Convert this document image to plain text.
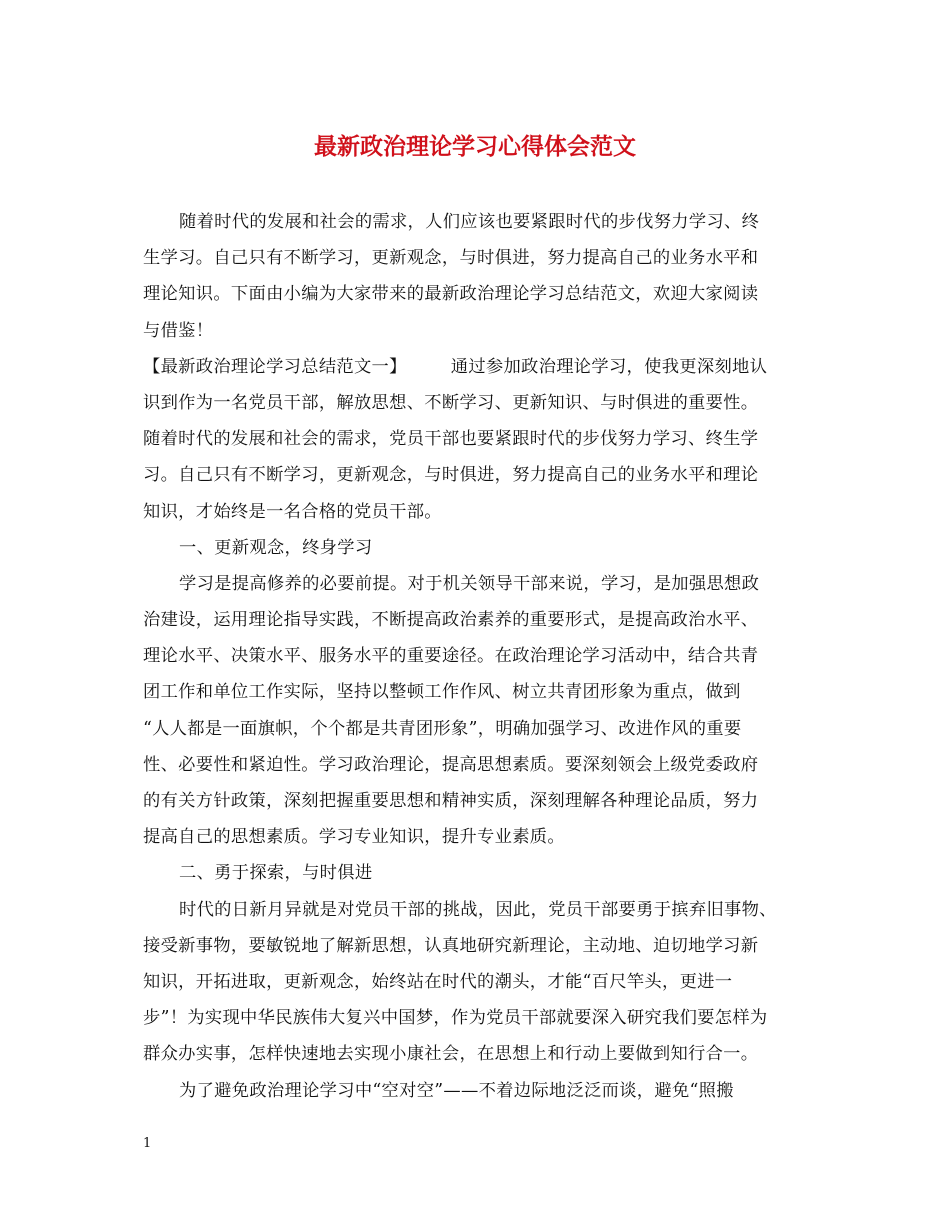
最新政治理论学习心得体会范文
随着时代的发展和社会的需求，人们应该也要紧跟时代的步伐努力学习、终
生学习。自己只有不断学习，更新观念，与时俱进，努力提高自己的业务水平和
理论知识。下面由小编为大家带来的最新政治理论学习总结范文，欢迎大家阅读
与借鉴！
【最新政治理论学习总结范文一】	通过参加政治理论学习，使我更深刻地认
识到作为一名党员干部，解放思想、不断学习、更新知识、与时俱进的重要性。
随着时代的发展和社会的需求，党员干部也要紧跟时代的步伐努力学习、终生学
习。自己只有不断学习，更新观念，与时俱进，努力提高自己的业务水平和理论
知识，才始终是一名合格的党员干部。
一、更新观念，终身学习
学习是提高修养的必要前提。对于机关领导干部来说，学习，是加强思想政
治建设，运用理论指导实践，不断提高政治素养的重要形式，是提高政治水平、
理论水平、决策水平、服务水平的重要途径。在政治理论学习活动中，结合共青
团工作和单位工作实际，坚持以整顿工作作风、树立共青团形象为重点，做到
“人人都是一面旗帜，个个都是共青团形象”，明确加强学习、改进作风的重要
性、必要性和紧迫性。学习政治理论，提高思想素质。要深刻领会上级党委政府
的有关方针政策，深刻把握重要思想和精神实质，深刻理解各种理论品质，努力
提高自己的思想素质。学习专业知识，提升专业素质。
二、勇于探索，与时俱进
时代的日新月异就是对党员干部的挑战，因此，党员干部要勇于摈弃旧事物、
接受新事物，要敏锐地了解新思想，认真地研究新理论，主动地、迫切地学习新
知识，开拓进取，更新观念，始终站在时代的潮头，才能“百尺竿头，更进一
步”！为实现中华民族伟大复兴中国梦，作为党员干部就要深入研究我们要怎样为
群众办实事，怎样快速地去实现小康社会，在思想上和行动上要做到知行合一。
为了避免政治理论学习中“空对空”——不着边际地泛泛而谈，避免“照搬
1
